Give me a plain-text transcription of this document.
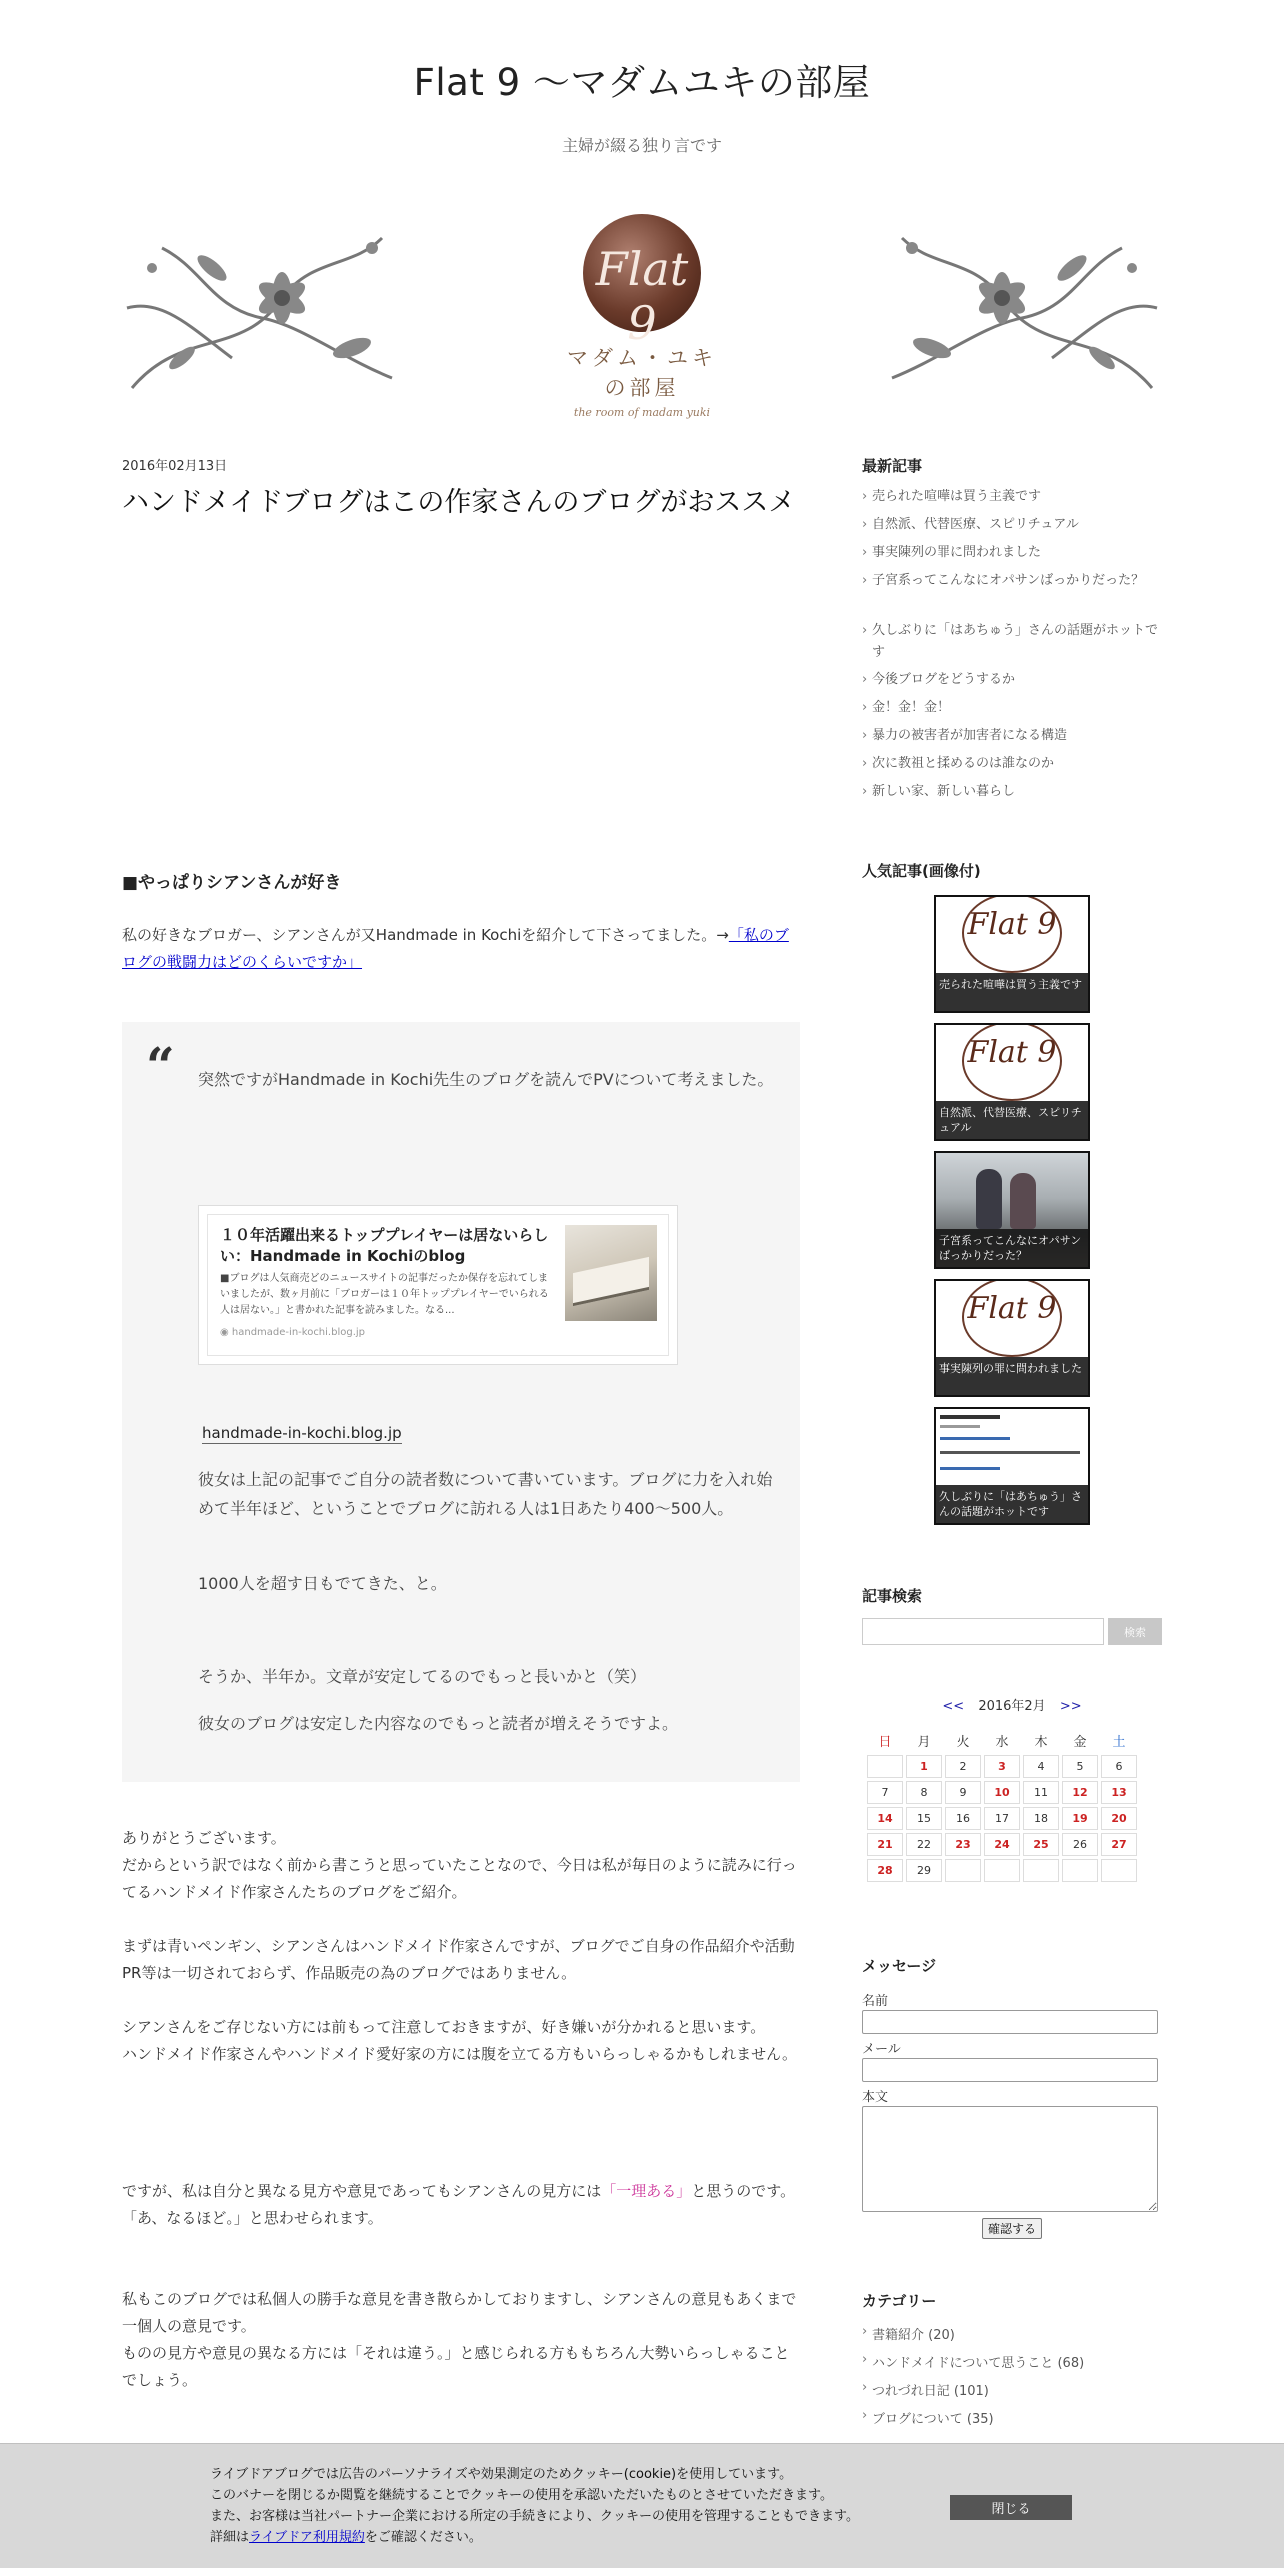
Flat 9 〜マダムユキの部屋
主婦が綴る独り言です
Flat 9
マダム・ユキの部屋
the room of madam yuki
2016年02月13日
ハンドメイドブログはこの作家さんのブログがおススメ
■やっぱりシアンさんが好き
私の好きなブロガー、シアンさんが又Handmade in Kochiを紹介して下さってました。→「私のブログの戦闘力はどのくらいですか」
“ 突然ですがHandmade in Kochi先生のブログを読んでPVについて考えました。
１０年活躍出来るトッププレイヤーは居ないらしい：Handmade in Kochiのblog
■ブログは人気商売どのニュースサイトの記事だったか保存を忘れてしまいましたが、数ヶ月前に「ブロガーは１０年トッププレイヤーでいられる人は居ない。」と書かれた記事を読みました。なる...
◉ handmade-in-kochi.blog.jp
handmade-in-kochi.blog.jp
彼女は上記の記事でご自分の読者数について書いています。ブログに力を入れ始めて半年ほど、ということでブログに訪れる人は1日あたり400～500人。
1000人を超す日もでてきた、と。
そうか、半年か。文章が安定してるのでもっと長いかと（笑）
彼女のブログは安定した内容なのでもっと読者が増えそうですよ。
ありがとうございます。
だからという訳ではなく前から書こうと思っていたことなので、今日は私が毎日のように読みに行ってるハンドメイド作家さんたちのブログをご紹介。
まずは青いペンギン、シアンさんはハンドメイド作家さんですが、ブログでご自身の作品紹介や活動PR等は一切されておらず、作品販売の為のブログではありません。
シアンさんをご存じない方には前もって注意しておきますが、好き嫌いが分かれると思います。
ハンドメイド作家さんやハンドメイド愛好家の方には腹を立てる方もいらっしゃるかもしれません。
ですが、私は自分と異なる見方や意見であってもシアンさんの見方には「一理ある」と思うのです。「あ、なるほど。」と思わせられます。
私もこのブログでは私個人の勝手な意見を書き散らかしておりますし、シアンさんの意見もあくまで一個人の意見です。
ものの見方や意見の異なる方には「それは違う。」と感じられる方ももちろん大勢いらっしゃることでしょう。
最新記事
› 売られた喧嘩は買う主義です
› 自然派、代替医療、スピリチュアル
› 事実陳列の罪に問われました
› 子宮系ってこんなにオパサンばっかりだった？
› 久しぶりに「はあちゅう」さんの話題がホットです
› 今後ブログをどうするか
› 金！金！金！
› 暴力の被害者が加害者になる構造
› 次に教祖と揉めるのは誰なのか
› 新しい家、新しい暮らし
人気記事(画像付)
Flat 9
売られた喧嘩は買う主義です
Flat 9
自然派、代替医療、スピリチュアル
子宮系ってこんなにオパサンばっかりだった？
Flat 9
事実陳列の罪に問われました
久しぶりに「はあちゅう」さんの話題がホットです
記事検索
検索
<< 2016年2月 >>
日	月	火	水	木	金	土
	1	2	3	4	5	6
7	8	9	10	11	12	13
14	15	16	17	18	19	20
21	22	23	24	25	26	27
28	29					
メッセージ
名前
メール
本文
確認する
カテゴリー
› 書籍紹介 (20)
› ハンドメイドについて思うこと (68)
› つれづれ日記 (101)
› ブログについて (35)
ライブドアブログでは広告のパーソナライズや効果測定のためクッキー(cookie)を使用しています。
このバナーを閉じるか閲覧を継続することでクッキーの使用を承認いただいたものとさせていただきます。
また、お客様は当社パートナー企業における所定の手続きにより、クッキーの使用を管理することもできます。
詳細はライブドア利用規約をご確認ください。
閉じる
